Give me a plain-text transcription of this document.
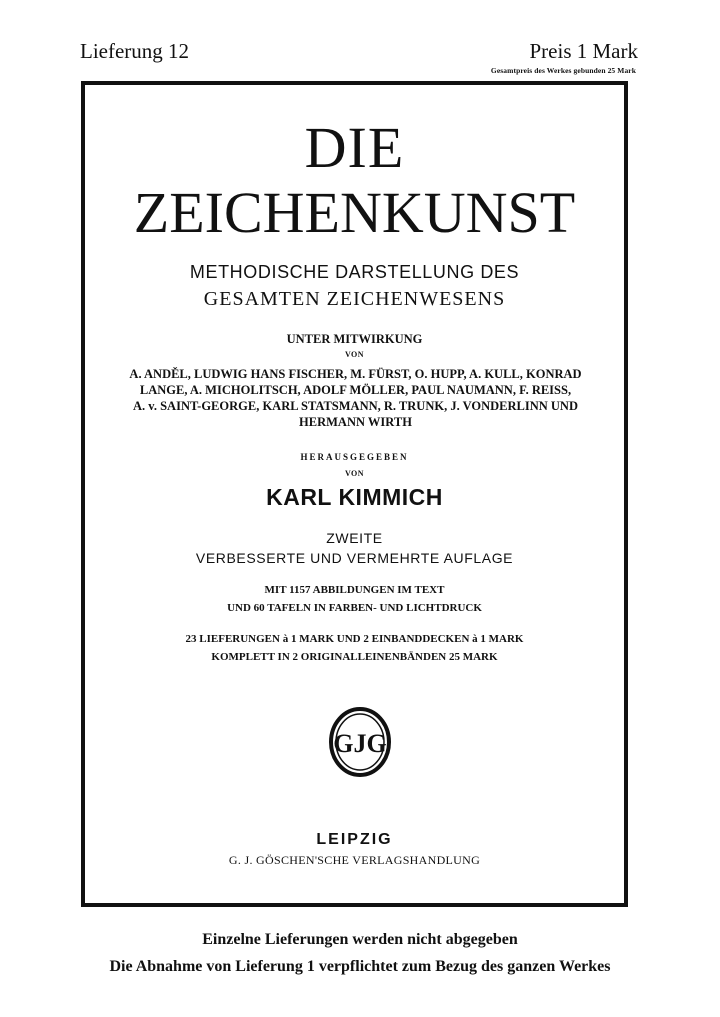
Lieferung 12	Preis 1 Mark
Gesamtpreis des Werkes gebunden 25 Mark
DIE
ZEICHENKUNST
METHODISCHE DARSTELLUNG DES
GESAMTEN ZEICHENWESENS
UNTER MITWIRKUNG
VON
A. ANDĚL, LUDWIG HANS FISCHER, M. FÜRST, O. HUPP, A. KULL, KONRAD
LANGE, A. MICHOLITSCH, ADOLF MÖLLER, PAUL NAUMANN, F. REISS,
A. v. SAINT-GEORGE, KARL STATSMANN, R. TRUNK, J. VONDERLINN UND
HERMANN WIRTH
HERAUSGEGEBEN
VON
KARL KIMMICH
ZWEITE
VERBESSERTE UND VERMEHRTE AUFLAGE
MIT 1157 ABBILDUNGEN IM TEXT
UND 60 TAFELN IN FARBEN- UND LICHTDRUCK
23 LIEFERUNGEN à 1 MARK UND 2 EINBANDDECKEN à 1 MARK
KOMPLETT IN 2 ORIGINALLEINENBÄNDEN 25 MARK
GJG
LEIPZIG
G. J. GÖSCHEN'SCHE VERLAGSHANDLUNG
Einzelne Lieferungen werden nicht abgegeben
Die Abnahme von Lieferung 1 verpflichtet zum Bezug des ganzen Werkes
